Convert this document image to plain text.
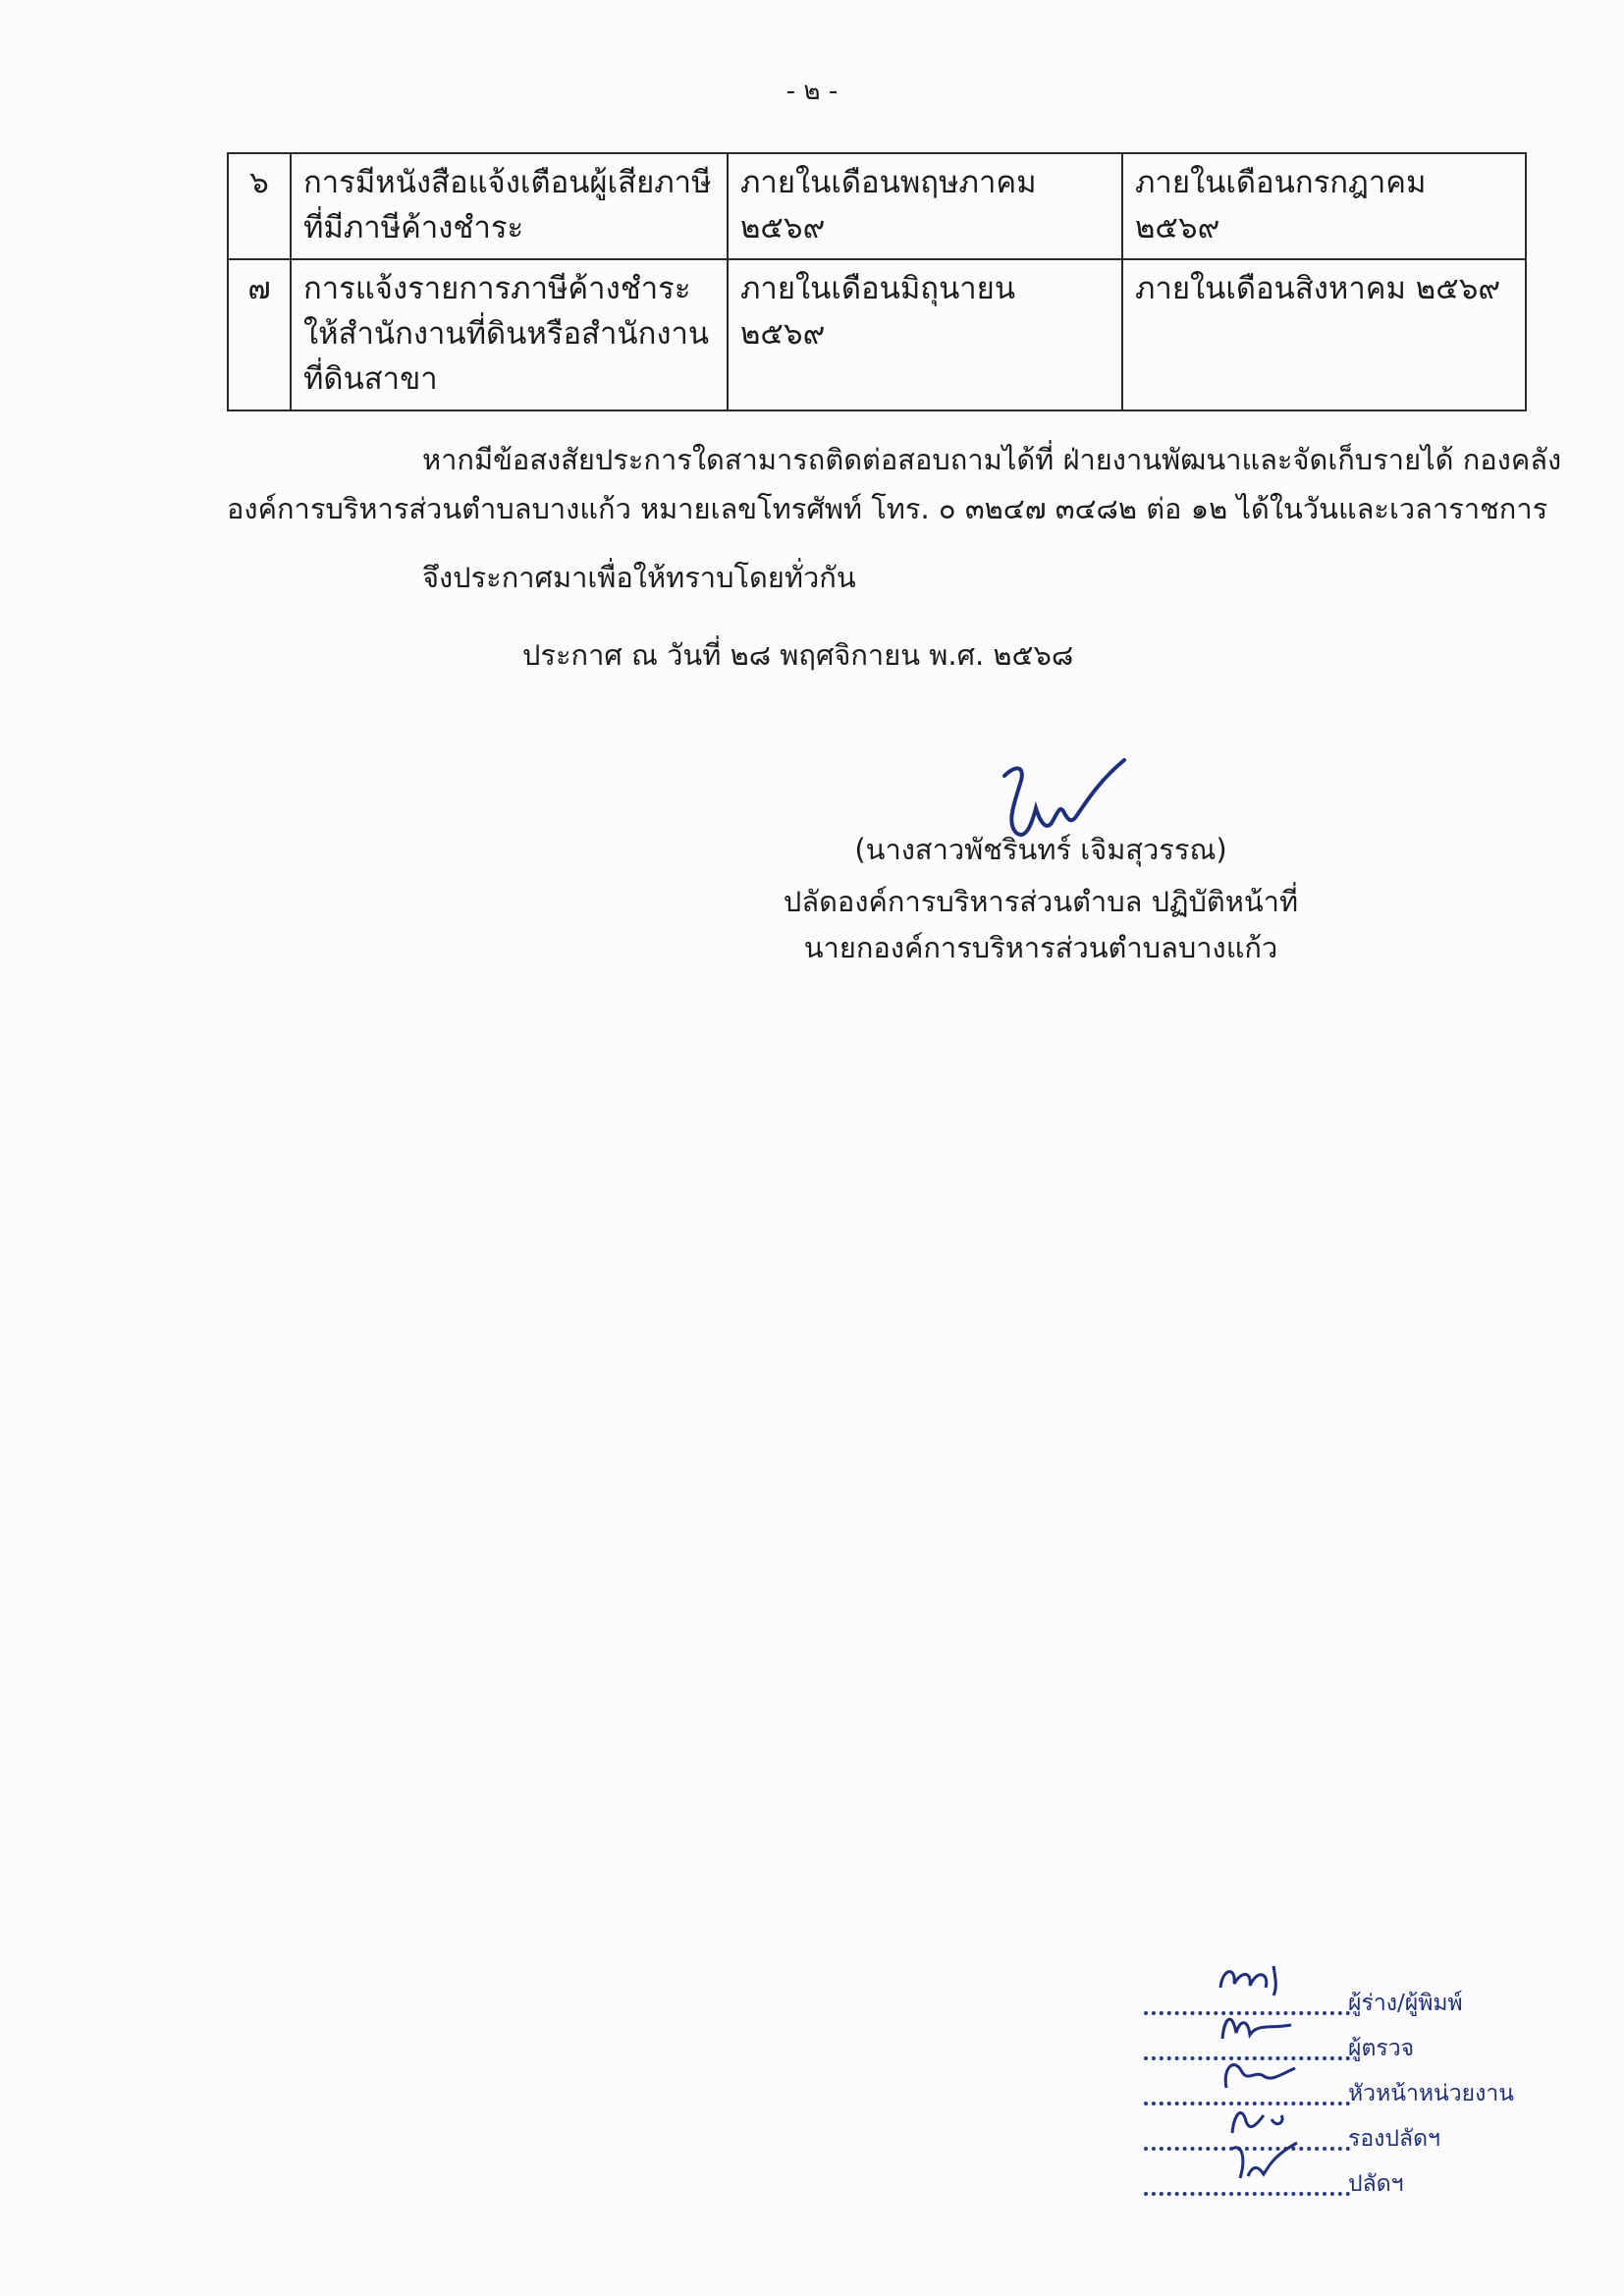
- ๒ -
๖	การมีหนังสือแจ้งเตือนผู้เสียภาษีที่มีภาษีค้างชำระ	ภายในเดือนพฤษภาคม ๒๕๖๙	ภายในเดือนกรกฎาคม ๒๕๖๙
๗	การแจ้งรายการภาษีค้างชำระให้สำนักงานที่ดินหรือสำนักงานที่ดินสาขา	ภายในเดือนมิถุนายน ๒๕๖๙	ภายในเดือนสิงหาคม ๒๕๖๙
หากมีข้อสงสัยประการใดสามารถติดต่อสอบถามได้ที่ ฝ่ายงานพัฒนาและจัดเก็บรายได้ กองคลัง
องค์การบริหารส่วนตำบลบางแก้ว หมายเลขโทรศัพท์ โทร. ๐ ๓๒๔๗ ๓๔๘๒ ต่อ ๑๒ ได้ในวันและเวลาราชการ
จึงประกาศมาเพื่อให้ทราบโดยทั่วกัน
ประกาศ ณ วันที่ ๒๘ พฤศจิกายน พ.ศ. ๒๕๖๘
(นางสาวพัชรินทร์ เจิมสุวรรณ)
ปลัดองค์การบริหารส่วนตำบล ปฏิบัติหน้าที่
นายกองค์การบริหารส่วนตำบลบางแก้ว
ผู้ร่าง/ผู้พิมพ์
ผู้ตรวจ
หัวหน้าหน่วยงาน
รองปลัดฯ
ปลัดฯ
